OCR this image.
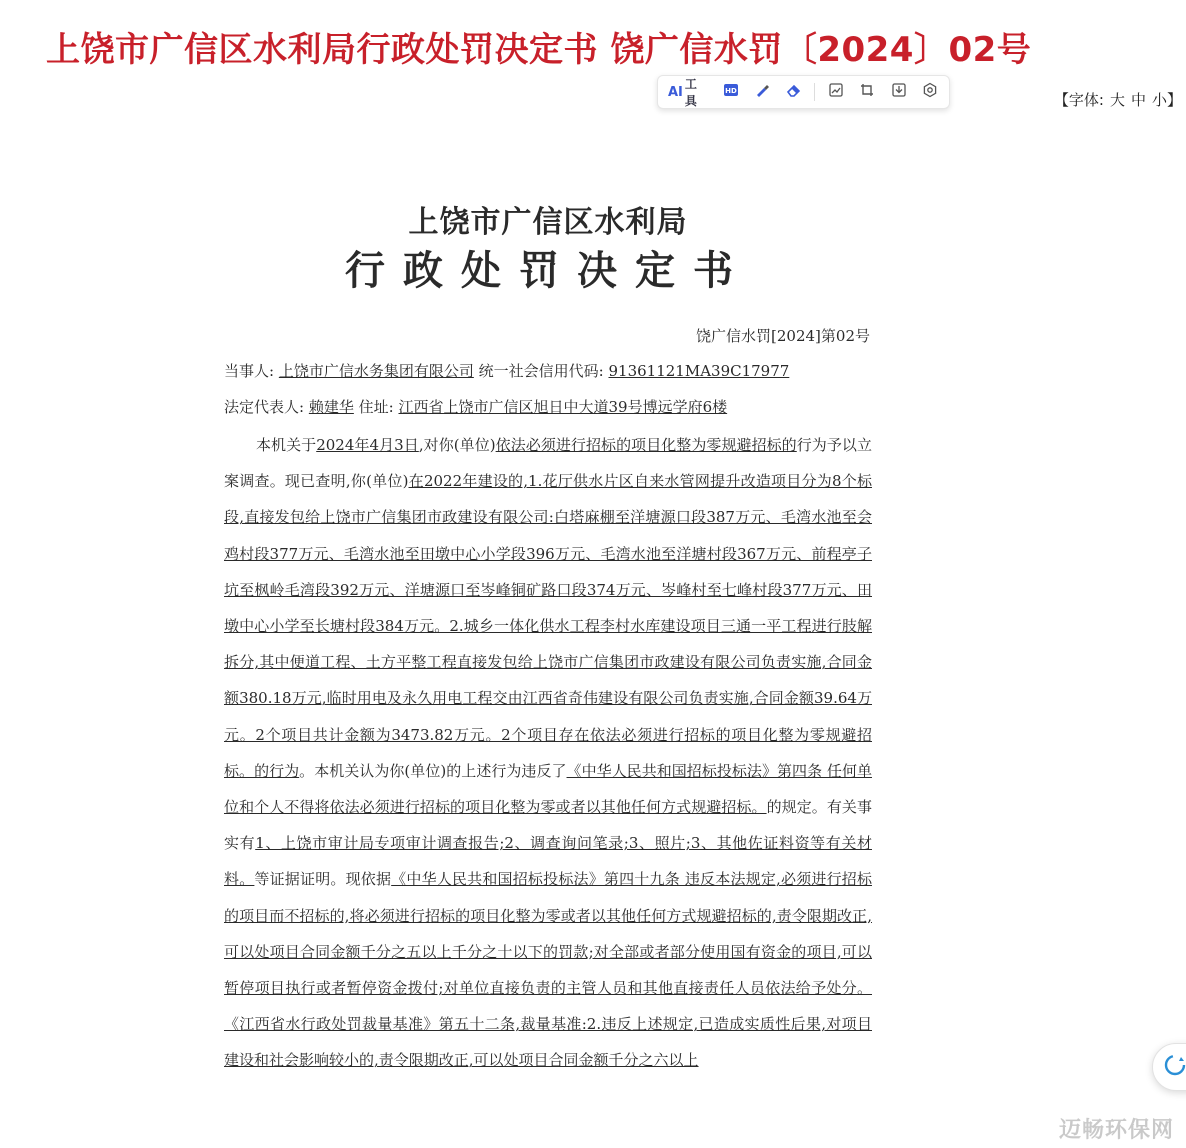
上饶市广信区水利局行政处罚决定书 饶广信水罚〔2024〕02号
AI
工具
HD	【字体: 大 中 小】
上饶市广信区水利局
行政处罚决定书
饶广信水罚[2024]第02号
当事人: 上饶市广信水务集团有限公司 统一社会信用代码: 91361121MA39C17977
法定代表人: 赖建华 住址: 江西省上饶市广信区旭日中大道39号博远学府6楼
本机关于2024年4月3日,对你(单位)依法必须进行招标的项目化整为零规避招标的行为予以立案调查。现已查明,你(单位)在2022年建设的,1.花厅供水片区自来水管网提升改造项目分为8个标段,直接发包给上饶市广信集团市政建设有限公司:白塔麻棚至洋塘源口段387万元、毛湾水池至会鸡村段377万元、毛湾水池至田墩中心小学段396万元、毛湾水池至洋塘村段367万元、前程亭子坑至枫岭毛湾段392万元、洋塘源口至岑峰铜矿路口段374万元、岑峰村至七峰村段377万元、田墩中心小学至长塘村段384万元。2.城乡一体化供水工程李村水库建设项目三通一平工程进行肢解拆分,其中便道工程、土方平整工程直接发包给上饶市广信集团市政建设有限公司负责实施,合同金额380.18万元,临时用电及永久用电工程交由江西省奇伟建设有限公司负责实施,合同金额39.64万元。2个项目共计金额为3473.82万元。2个项目存在依法必须进行招标的项目化整为零规避招标。的行为。本机关认为你(单位)的上述行为违反了《中华人民共和国招标投标法》第四条 任何单位和个人不得将依法必须进行招标的项目化整为零或者以其他任何方式规避招标。的规定。有关事实有1、上饶市审计局专项审计调查报告;2、调查询问笔录;3、照片;3、其他佐证料资等有关材料。等证据证明。现依据《中华人民共和国招标投标法》第四十九条 违反本法规定,必须进行招标的项目而不招标的,将必须进行招标的项目化整为零或者以其他任何方式规避招标的,责令限期改正,可以处项目合同金额千分之五以上千分之十以下的罚款;对全部或者部分使用国有资金的项目,可以暂停项目执行或者暂停资金拨付;对单位直接负责的主管人员和其他直接责任人员依法给予处分。《江西省水行政处罚裁量基准》第五十二条,裁量基准:2.违反上述规定,已造成实质性后果,对项目建设和社会影响较小的,责令限期改正,可以处项目合同金额千分之六以上
迈畅环保网
